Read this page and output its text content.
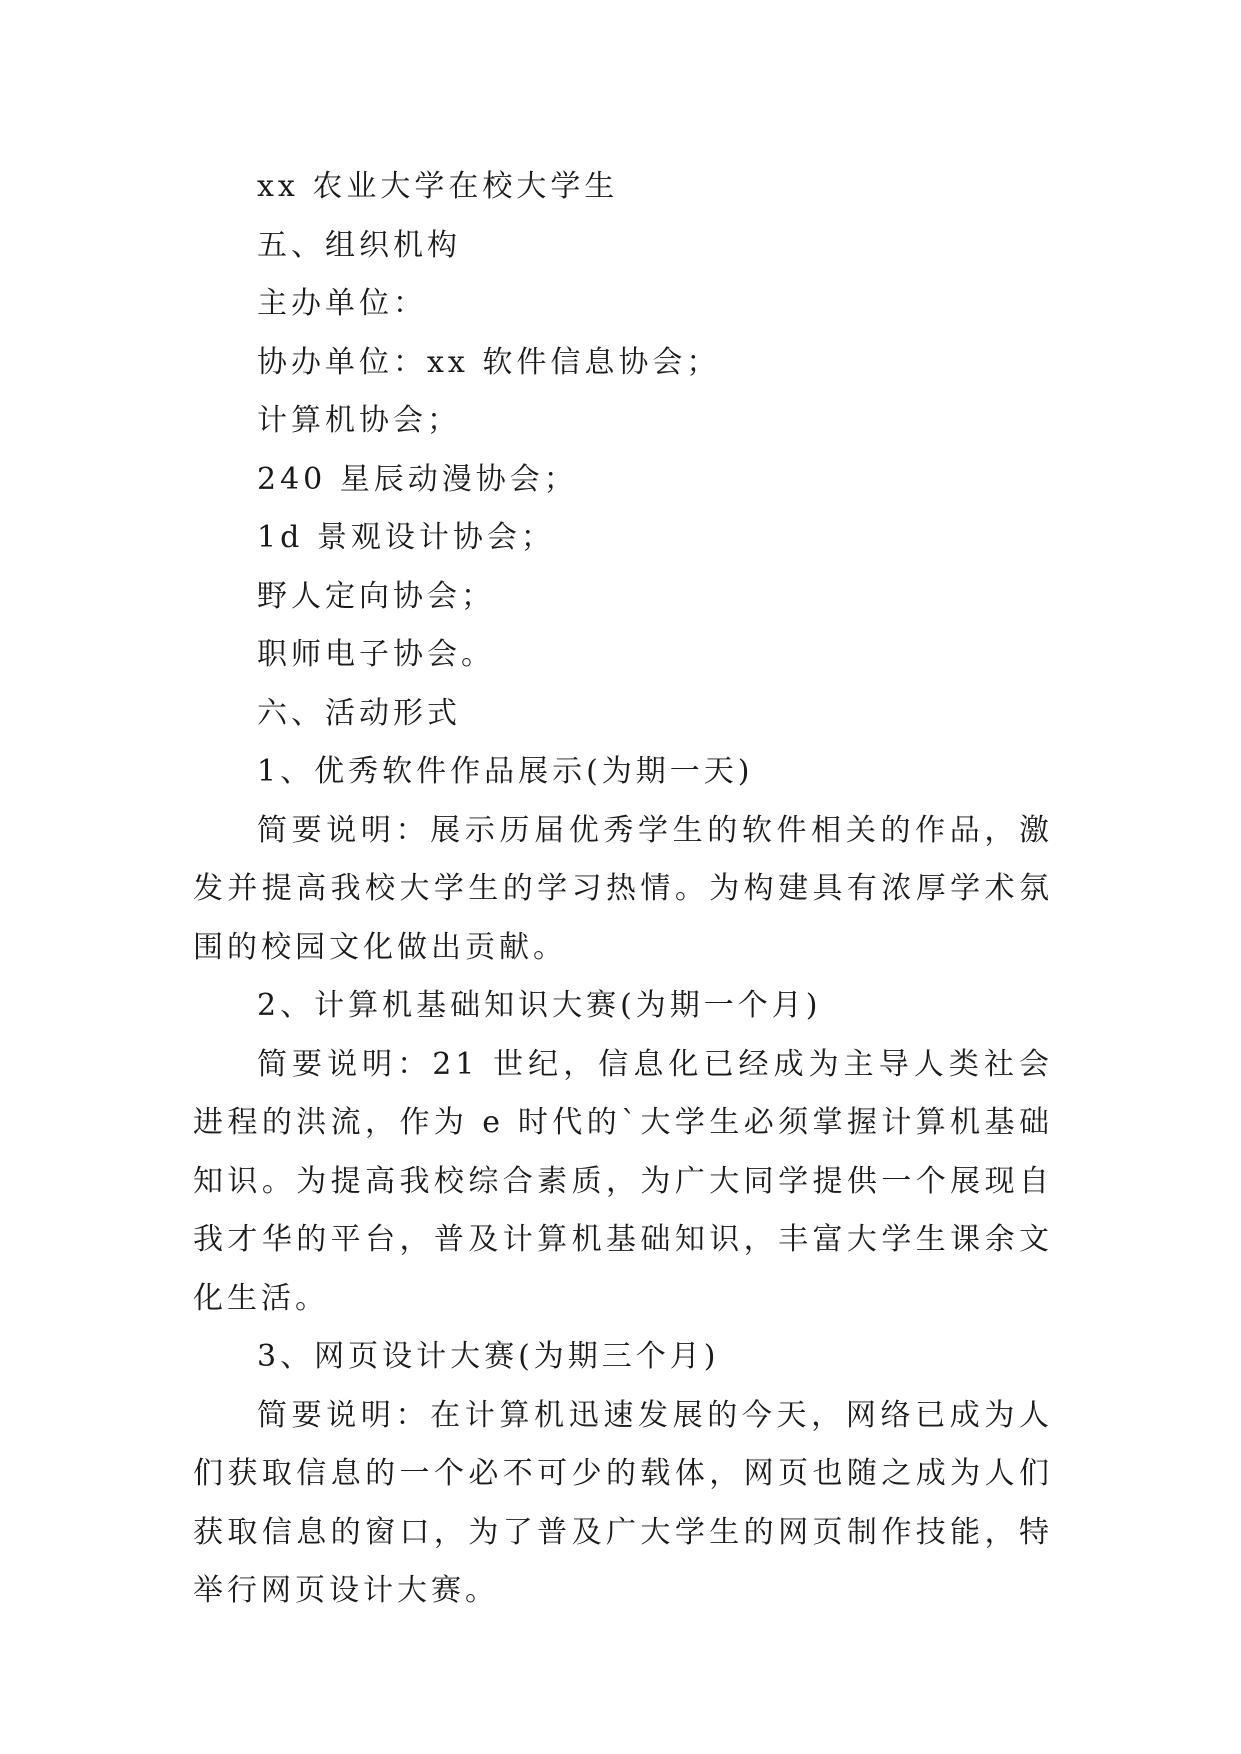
xx 农业大学在校大学生

五、组织机构

主办单位：

协办单位：xx 软件信息协会；

计算机协会；

240 星辰动漫协会；

1d 景观设计协会；

野人定向协会；

职师电子协会。

六、活动形式

1、优秀软件作品展示(为期一天)

简要说明：展示历届优秀学生的软件相关的作品，激发并提高我校大学生的学习热情。为构建具有浓厚学术氛围的校园文化做出贡献。

2、计算机基础知识大赛(为期一个月)

简要说明：21 世纪，信息化已经成为主导人类社会进程的洪流，作为 e 时代的`大学生必须掌握计算机基础知识。为提高我校综合素质，为广大同学提供一个展现自我才华的平台，普及计算机基础知识，丰富大学生课余文化生活。

3、网页设计大赛(为期三个月)

简要说明：在计算机迅速发展的今天，网络已成为人们获取信息的一个必不可少的载体，网页也随之成为人们获取信息的窗口，为了普及广大学生的网页制作技能，特举行网页设计大赛。
